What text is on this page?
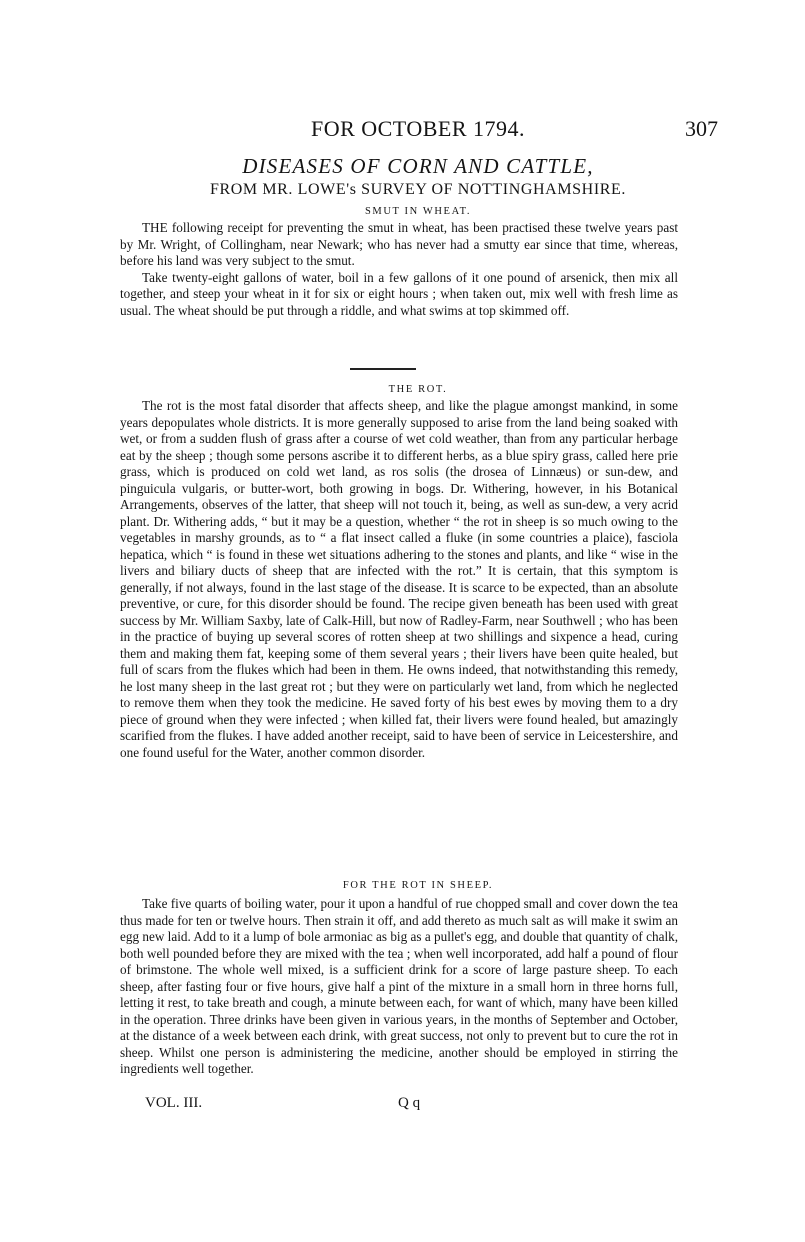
FOR OCTOBER 1794.	307
DISEASES OF CORN AND CATTLE,
FROM MR. LOWE's SURVEY OF NOTTINGHAMSHIRE.
SMUT IN WHEAT.

THE following receipt for preventing the smut in wheat, has been practised these twelve years past by Mr. Wright, of Collingham, near Newark; who has never had a smutty ear since that time, whereas, before his land was very subject to the smut.

Take twenty-eight gallons of water, boil in a few gallons of it one pound of arsenick, then mix all together, and steep your wheat in it for six or eight hours ; when taken out, mix well with fresh lime as usual. The wheat should be put through a riddle, and what swims at top skimmed off.

THE ROT.

The rot is the most fatal disorder that affects sheep, and like the plague amongst mankind, in some years depopulates whole districts. It is more generally supposed to arise from the land being soaked with wet, or from a sudden flush of grass after a course of wet cold weather, than from any particular herbage eat by the sheep ; though some persons ascribe it to different herbs, as a blue spiry grass, called here prie grass, which is produced on cold wet land, as ros solis (the drosea of Linnæus) or sun-dew, and pinguicula vulgaris, or butter-wort, both growing in bogs. Dr. Withering, however, in his Botanical Arrangements, observes of the latter, that sheep will not touch it, being, as well as sun-dew, a very acrid plant. Dr. Withering adds, “ but it may be a question, whether “ the rot in sheep is so much owing to the vegetables in marshy grounds, as to “ a flat insect called a fluke (in some countries a plaice), fasciola hepatica, which “ is found in these wet situations adhering to the stones and plants, and like “ wise in the livers and biliary ducts of sheep that are infected with the rot.” It is certain, that this symptom is generally, if not always, found in the last stage of the disease. It is scarce to be expected, than an absolute preventive, or cure, for this disorder should be found. The recipe given beneath has been used with great success by Mr. William Saxby, late of Calk-Hill, but now of Radley-Farm, near Southwell ; who has been in the practice of buying up several scores of rotten sheep at two shillings and sixpence a head, curing them and making them fat, keeping some of them several years ; their livers have been quite healed, but full of scars from the flukes which had been in them. He owns indeed, that notwithstanding this remedy, he lost many sheep in the last great rot ; but they were on particularly wet land, from which he neglected to remove them when they took the medicine. He saved forty of his best ewes by moving them to a dry piece of ground when they were infected ; when killed fat, their livers were found healed, but amazingly scarified from the flukes. I have added another receipt, said to have been of service in Leicestershire, and one found useful for the Water, another common disorder.

FOR THE ROT IN SHEEP.

Take five quarts of boiling water, pour it upon a handful of rue chopped small and cover down the tea thus made for ten or twelve hours. Then strain it off, and add thereto as much salt as will make it swim an egg new laid. Add to it a lump of bole armoniac as big as a pullet's egg, and double that quantity of chalk, both well pounded before they are mixed with the tea ; when well incorporated, add half a pound of flour of brimstone. The whole well mixed, is a sufficient drink for a score of large pasture sheep. To each sheep, after fasting four or five hours, give half a pint of the mixture in a small horn in three horns full, letting it rest, to take breath and cough, a minute between each, for want of which, many have been killed in the operation. Three drinks have been given in various years, in the months of September and October, at the distance of a week between each drink, with great success, not only to prevent but to cure the rot in sheep. Whilst one person is administering the medicine, another should be employed in stirring the ingredients well together.

VOL. III.	Q q
